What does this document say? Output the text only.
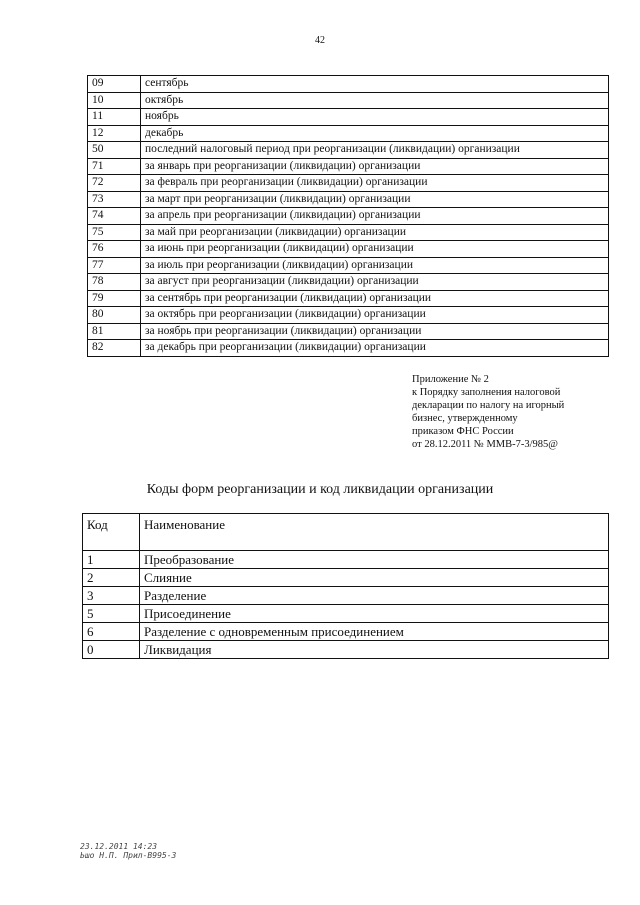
42
09	сентябрь
10	октябрь
11	ноябрь
12	декабрь
50	последний налоговый период при реорганизации (ликвидации) организации
71	за январь при реорганизации (ликвидации) организации
72	за февраль при реорганизации (ликвидации) организации
73	за март при реорганизации (ликвидации) организации
74	за апрель при реорганизации (ликвидации) организации
75	за май при реорганизации (ликвидации) организации
76	за июнь при реорганизации (ликвидации) организации
77	за июль при реорганизации (ликвидации) организации
78	за август при реорганизации (ликвидации) организации
79	за сентябрь при реорганизации (ликвидации) организации
80	за октябрь при реорганизации (ликвидации) организации
81	за ноябрь при реорганизации (ликвидации) организации
82	за декабрь при реорганизации (ликвидации) организации
Приложение № 2
к Порядку заполнения налоговой
декларации по налогу на игорный
бизнес, утвержденному
приказом ФНС России
от 28.12.2011 № ММВ-7-3/985@
Коды форм реорганизации и код ликвидации организации
Код	Наименование
1	Преобразование
2	Слияние
3	Разделение
5	Присоединение
6	Разделение с одновременным присоединением
0	Ликвидация
23.12.2011 14:23
Ьшо Н.П. Прил-В995-3
